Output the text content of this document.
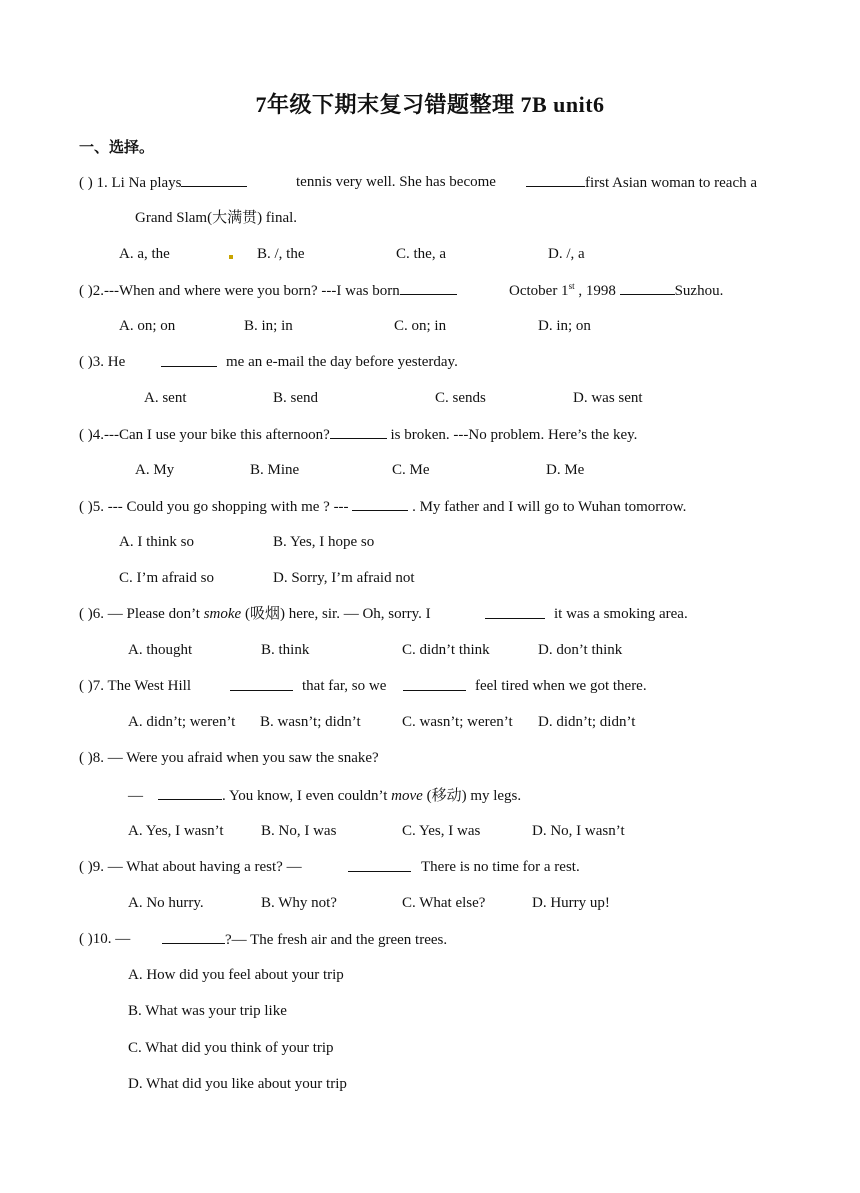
7年级下期末复习错题整理 7B unit6
一、选择。
( ) 1. Li Na plays	tennis very well. She has become	first Asian woman to reach a
Grand Slam(大满贯) final.
A. a, the	B. /, the	C. the, a	D. /, a
( )2.---When and where were you born? ---I was born	October 1st , 1998	Suzhou.
A. on; on	B. in; in	C. on; in	D. in; on
( )3. He	me an e-mail the day before yesterday.
A. sent	B. send	C. sends	D. was sent
( )4.---Can I use your bike this afternoon?	is broken. ---No problem. Here’s the key.
A. My	B. Mine	C. Me	D. Me
( )5. --- Could you go shopping with me ? ---	. My father and I will go to Wuhan tomorrow.
A. I think so	B. Yes, I hope so
C. I’m afraid so	D. Sorry, I’m afraid not
( )6. — Please don’t smoke (吸烟) here, sir. — Oh, sorry. I	it was a smoking area.
A. thought	B. think	C. didn’t think	D. don’t think
( )7. The West Hill	that far, so we	feel tired when we got there.
A. didn’t; weren’t B. wasn’t; didn’t	C. wasn’t; weren’t D. didn’t; didn’t
( )8. — Were you afraid when you saw the snake?
—	. You know, I even couldn’t move (移动) my legs.
A. Yes, I wasn’t B. No, I was	C. Yes, I was	D. No, I wasn’t
( )9. — What about having a rest? —	There is no time for a rest.
A. No hurry.	B. Why not?	C. What else?	D. Hurry up!
( )10. —	?— The fresh air and the green trees.
A. How did you feel about your trip
B. What was your trip like
C. What did you think of your trip
D. What did you like about your trip
